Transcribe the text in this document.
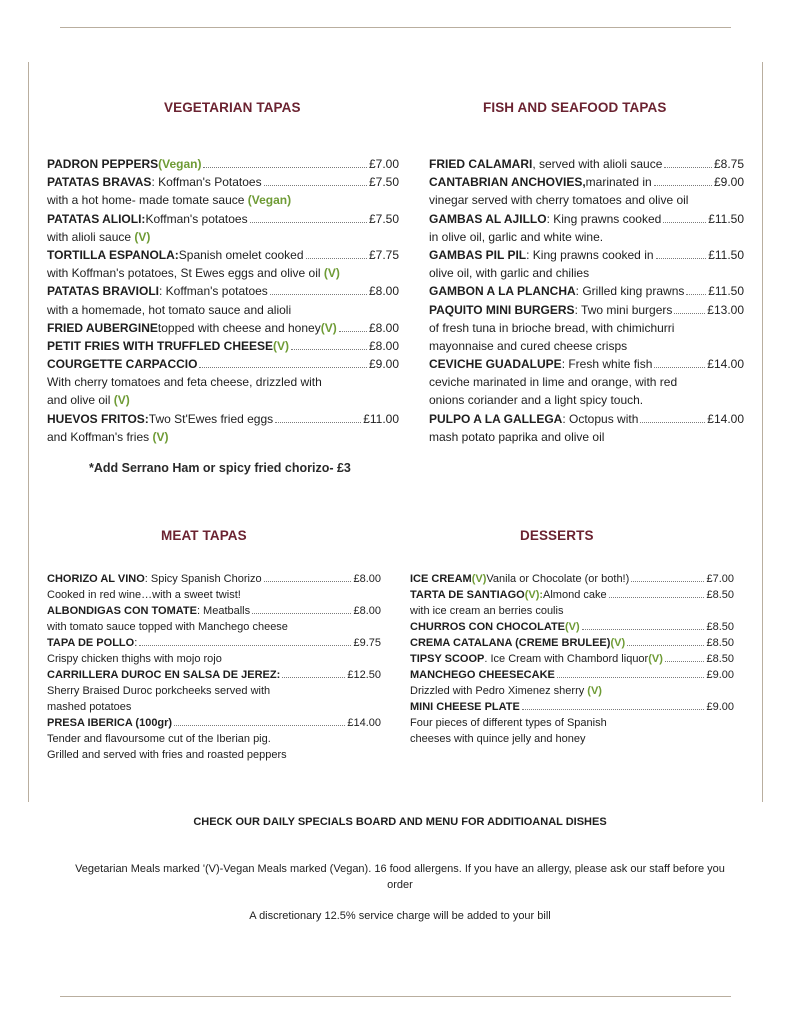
VEGETARIAN TAPAS	FISH AND SEAFOOD TAPAS
MEAT TAPAS	DESSERTS
PADRON PEPPERS (Vegan)	£7.00
PATATAS BRAVAS : Koffman's Potatoes	£7.50
with a hot home- made tomate sauce (Vegan)
PATATAS ALIOLI: Koffman's potatoes	£7.50
with alioli sauce (V)
TORTILLA ESPANOLA: Spanish omelet cooked	£7.75
with Koffman's potatoes, St Ewes eggs and olive oil (V)
PATATAS BRAVIOLI : Koffman's potatoes	£8.00
with a homemade, hot tomato sauce and alioli
FRIED AUBERGINE topped with cheese and honey (V)	£8.00
PETIT FRIES WITH TRUFFLED CHEESE (V)	£8.00
COURGETTE CARPACCIO	£9.00
With cherry tomatoes and feta cheese, drizzled with
and olive oil (V)
HUEVOS FRITOS: Two St'Ewes fried eggs	£11.00
and Koffman's fries (V)
FRIED CALAMARI , served with alioli sauce	£8.75
CANTABRIAN ANCHOVIES, marinated in	£9.00
vinegar served with cherry tomatoes and olive oil
GAMBAS AL AJILLO : King prawns cooked	£11.50
in olive oil, garlic and white wine.
GAMBAS PIL PIL : King prawns cooked in	£11.50
olive oil, with garlic and chilies
GAMBON A LA PLANCHA : Grilled king prawns £11.50
PAQUITO MINI BURGERS : Two mini burgers	£13.00
of fresh tuna in brioche bread, with chimichurri
mayonnaise and cured cheese crisps
CEVICHE GUADALUPE : Fresh white fish	£14.00
ceviche marinated in lime and orange, with red
onions coriander and a light spicy touch.
PULPO A LA GALLEGA : Octopus with	£14.00
mash potato paprika and olive oil
CHORIZO AL VINO : Spicy Spanish Chorizo	£8.00
Cooked in red wine…with a sweet twist!
ALBONDIGAS CON TOMATE : Meatballs	£8.00
with tomato sauce topped with Manchego cheese
TAPA DE POLLO :	£9.75
Crispy chicken thighs with mojo rojo
CARRILLERA DUROC EN SALSA DE JEREZ:	£12.50
Sherry Braised Duroc porkcheeks served with
mashed potatoes
PRESA IBERICA (100gr)	£14.00
Tender and flavoursome cut of the Iberian pig.
Grilled and served with fries and roasted peppers
ICE CREAM (V) Vanila or Chocolate (or both!)	£7.00
TARTA DE SANTIAGO (V): Almond cake	£8.50
with ice cream an berries coulis
CHURROS CON CHOCOLATE (V)	£8.50
CREMA CATALANA (CREME BRULEE) (V)	£8.50
TIPSY SCOOP . Ice Cream with Chambord liquor (V)	£8.50
MANCHEGO CHEESECAKE	£9.00
Drizzled with Pedro Ximenez sherry (V)
MINI CHEESE PLATE	£9.00
Four pieces of different types of Spanish
cheeses with quince jelly and honey
*Add Serrano Ham or spicy fried chorizo- £3
CHECK OUR DAILY SPECIALS BOARD AND MENU FOR ADDITIOANAL DISHES
Vegetarian Meals marked '(V)-Vegan Meals marked (Vegan). 16 food allergens. If you have an allergy, please ask our staff before you
order
A discretionary 12.5% service charge will be added to your bill
